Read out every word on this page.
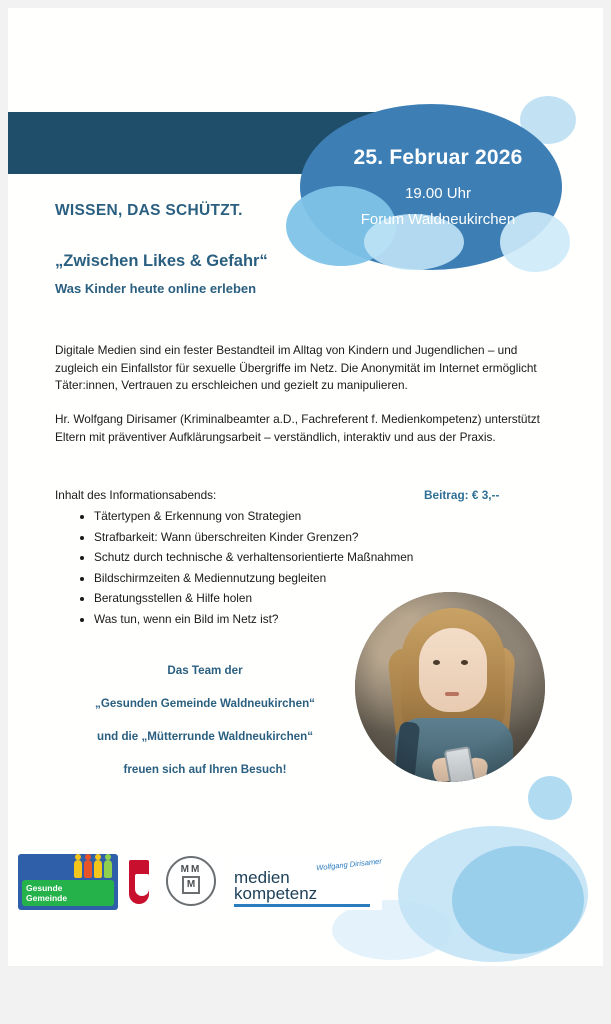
25. Februar 2026
19.00 Uhr
Forum Waldneukirchen
WISSEN, DAS SCHÜTZT.
„Zwischen Likes & Gefahr“
Was Kinder heute online erleben
Digitale Medien sind ein fester Bestandteil im Alltag von Kindern und Jugendlichen – und zugleich ein Einfallstor für sexuelle Übergriffe im Netz. Die Anonymität im Internet ermöglicht Täter:innen, Vertrauen zu erschleichen und gezielt zu manipulieren.
Hr. Wolfgang Dirisamer (Kriminalbeamter a.D., Fachreferent f. Medienkompetenz) unterstützt Eltern mit präventiver Aufklärungsarbeit – verständlich, interaktiv und aus der Praxis.
Inhalt des Informationsabends:	Beitrag: € 3,--
• Tätertypen & Erkennung von Strategien
• Strafbarkeit: Wann überschreiten Kinder Grenzen?
• Schutz durch technische & verhaltensorientierte Maßnahmen
• Bildschirmzeiten & Mediennutzung begleiten
• Beratungsstellen & Hilfe holen
• Was tun, wenn ein Bild im Netz ist?
Das Team der
„Gesunden Gemeinde Waldneukirchen“
und die „Mütterrunde Waldneukirchen“
freuen sich auf Ihren Besuch!
Gesunde
Gemeinde
MM
M
Wolfgang Dirisamer
medien
kompetenz
